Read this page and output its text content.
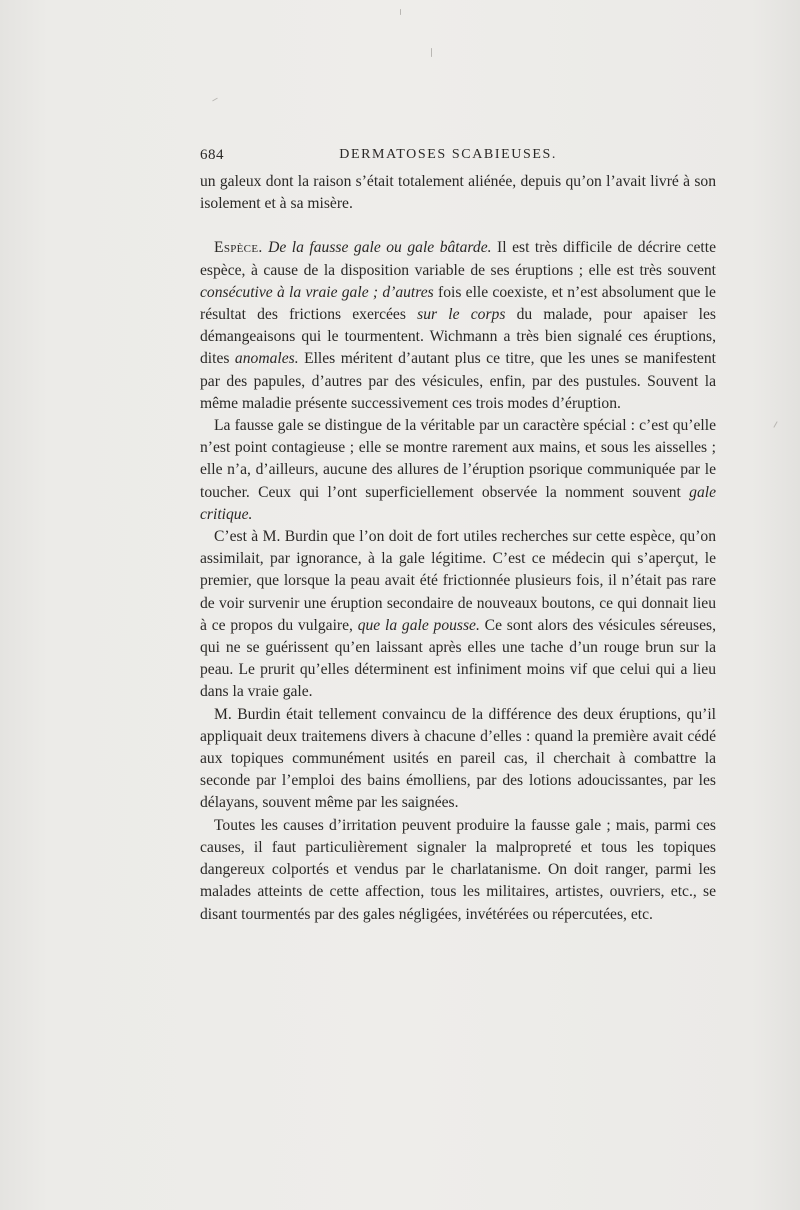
684	DERMATOSES SCABIEUSES.

un galeux dont la raison s’était totalement aliénée, depuis qu’on l’avait livré à son isolement et à sa misère.

Espèce. De la fausse gale ou gale bâtarde. Il est très difficile de décrire cette espèce, à cause de la disposition variable de ses éruptions ; elle est très souvent consécutive à la vraie gale ; d’autres fois elle coexiste, et n’est absolument que le résultat des frictions exercées sur le corps du malade, pour apaiser les démangeaisons qui le tourmentent. Wichmann a très bien signalé ces éruptions, dites anomales. Elles méritent d’autant plus ce titre, que les unes se manifestent par des papules, d’autres par des vésicules, enfin, par des pustules. Souvent la même maladie présente successivement ces trois modes d’éruption.

La fausse gale se distingue de la véritable par un caractère spécial : c’est qu’elle n’est point contagieuse ; elle se montre rarement aux mains, et sous les aisselles ; elle n’a, d’ailleurs, aucune des allures de l’éruption psorique communiquée par le toucher. Ceux qui l’ont superficiellement observée la nomment souvent gale critique.

C’est à M. Burdin que l’on doit de fort utiles recherches sur cette espèce, qu’on assimilait, par ignorance, à la gale légitime. C’est ce médecin qui s’aperçut, le premier, que lorsque la peau avait été frictionnée plusieurs fois, il n’était pas rare de voir survenir une éruption secondaire de nouveaux boutons, ce qui donnait lieu à ce propos du vulgaire, que la gale pousse. Ce sont alors des vésicules séreuses, qui ne se guérissent qu’en laissant après elles une tache d’un rouge brun sur la peau. Le prurit qu’elles déterminent est infiniment moins vif que celui qui a lieu dans la vraie gale.

M. Burdin était tellement convaincu de la différence des deux éruptions, qu’il appliquait deux traitemens divers à chacune d’elles : quand la première avait cédé aux topiques communément usités en pareil cas, il cherchait à combattre la seconde par l’emploi des bains émolliens, par des lotions adoucissantes, par les délayans, souvent même par les saignées.

Toutes les causes d’irritation peuvent produire la fausse gale ; mais, parmi ces causes, il faut particulièrement signaler la malpropreté et tous les topiques dangereux colportés et vendus par le charlatanisme. On doit ranger, parmi les malades atteints de cette affection, tous les militaires, artistes, ouvriers, etc., se disant tourmentés par des gales négligées, invétérées ou répercutées, etc.
